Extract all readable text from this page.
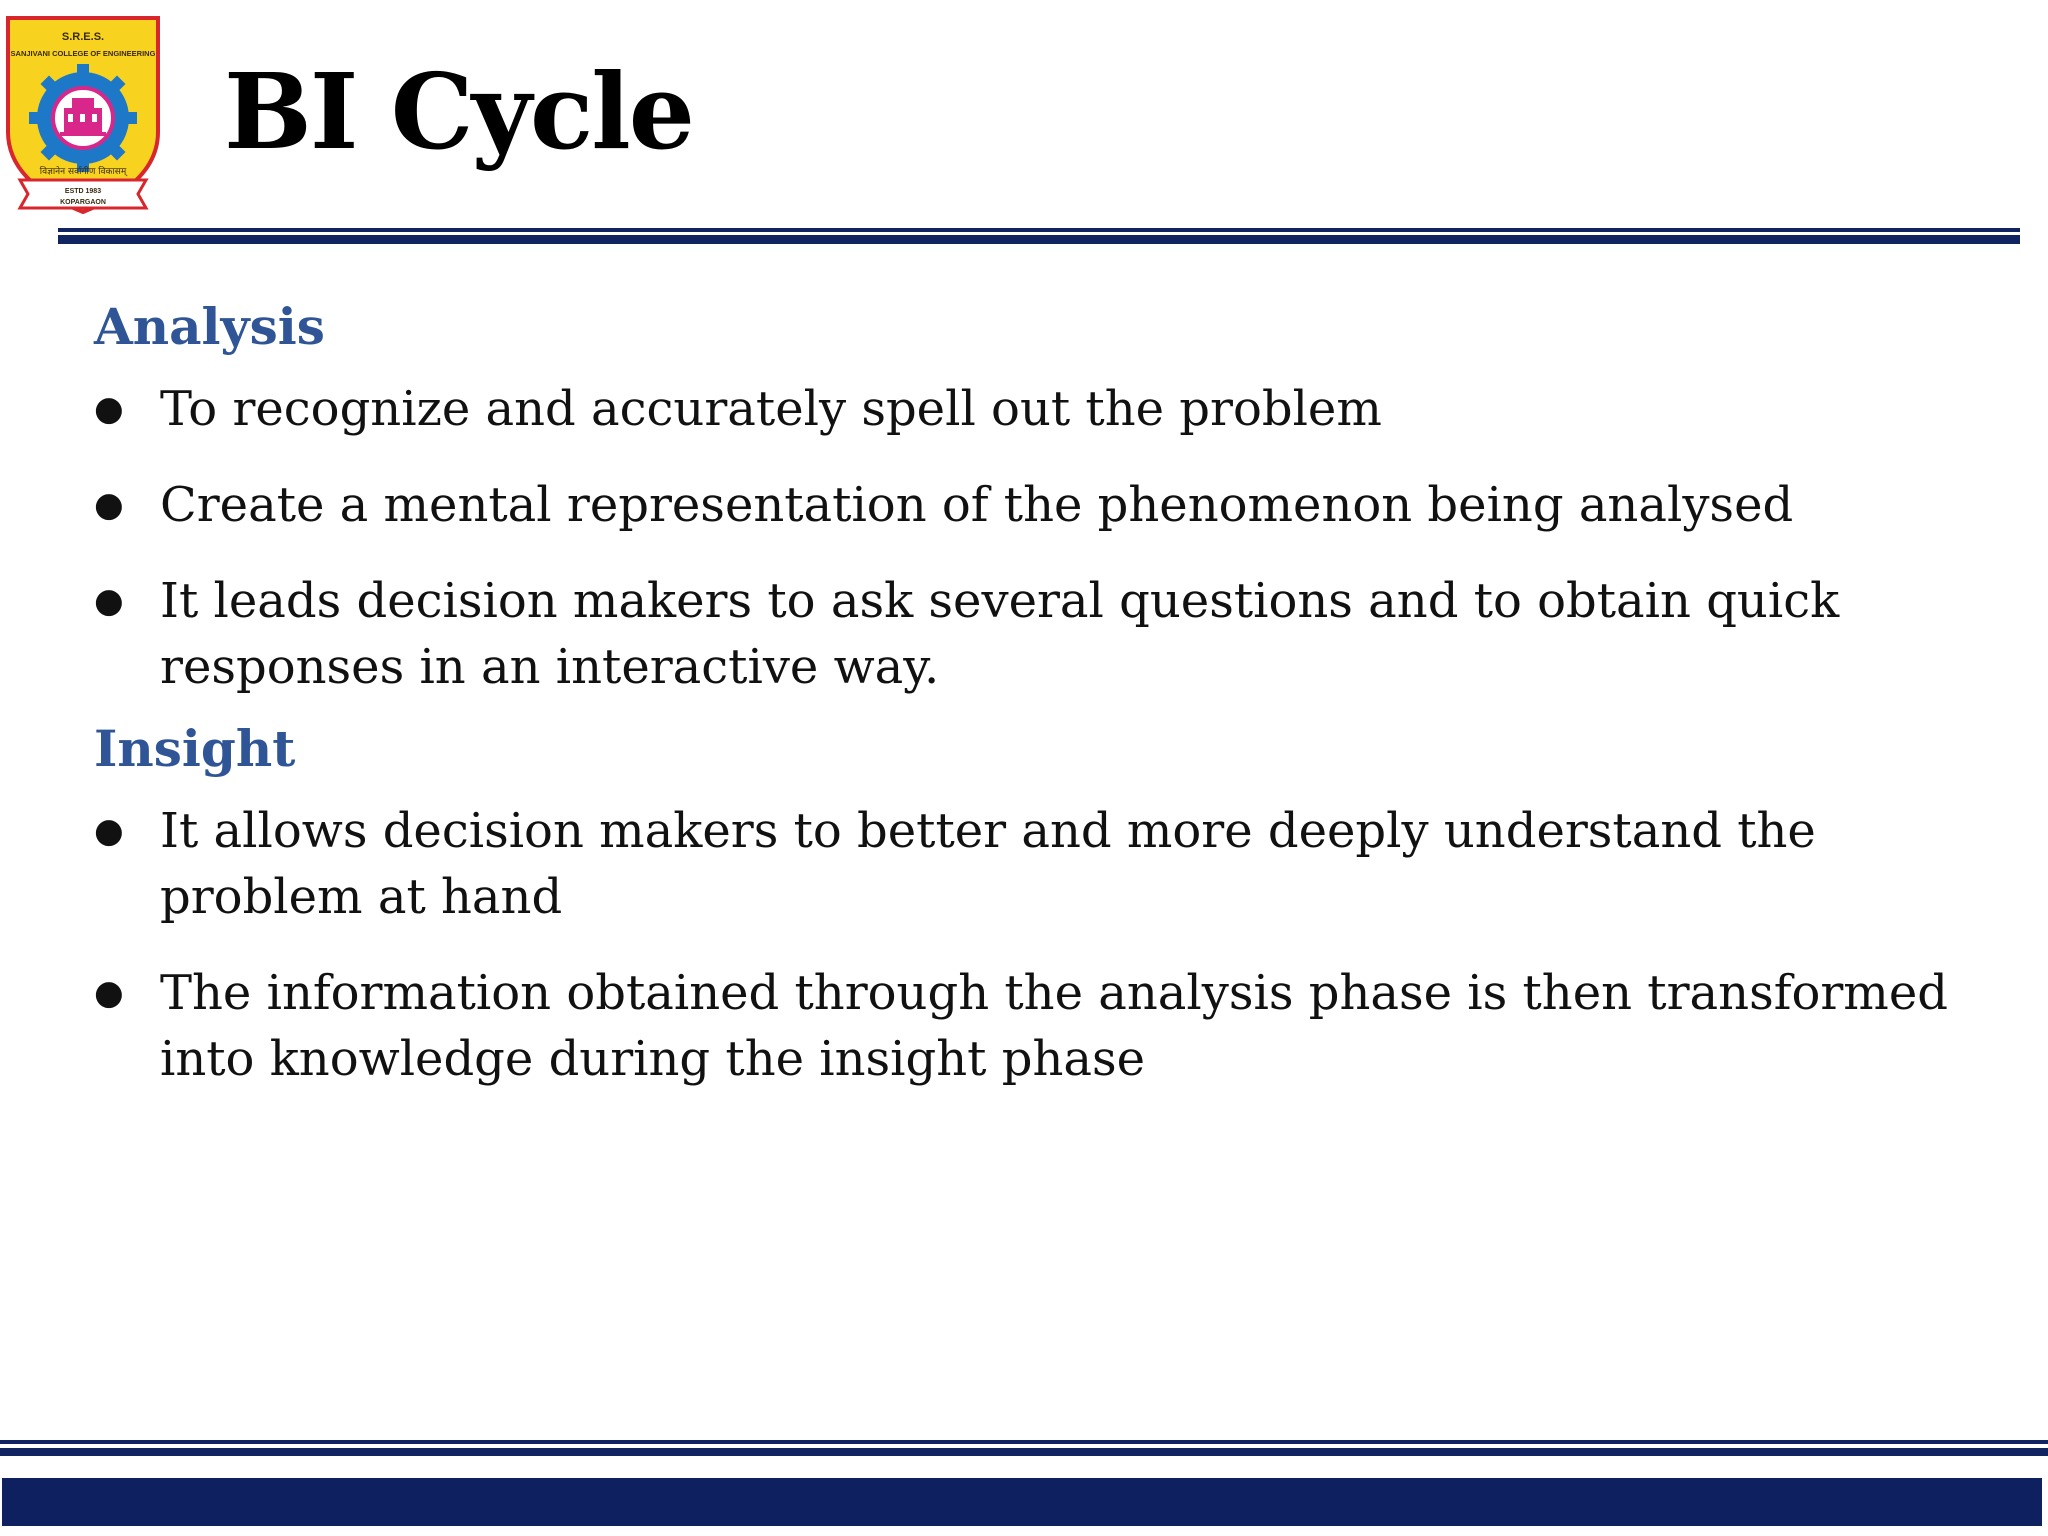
S.R.E.S.
SANJIVANI COLLEGE OF ENGINEERING
विज्ञानेन सर्वागीण विकासम्
ESTD 1983
KOPARGAON
BI Cycle
Analysis
● To recognize and accurately spell out the problem
● Create a mental representation of the phenomenon being analysed
● It leads decision makers to ask several questions and to obtain quick responses in an interactive way.
Insight
● It allows decision makers to better and more deeply understand the problem at hand
● The information obtained through the analysis phase is then transformed into knowledge during the insight phase
